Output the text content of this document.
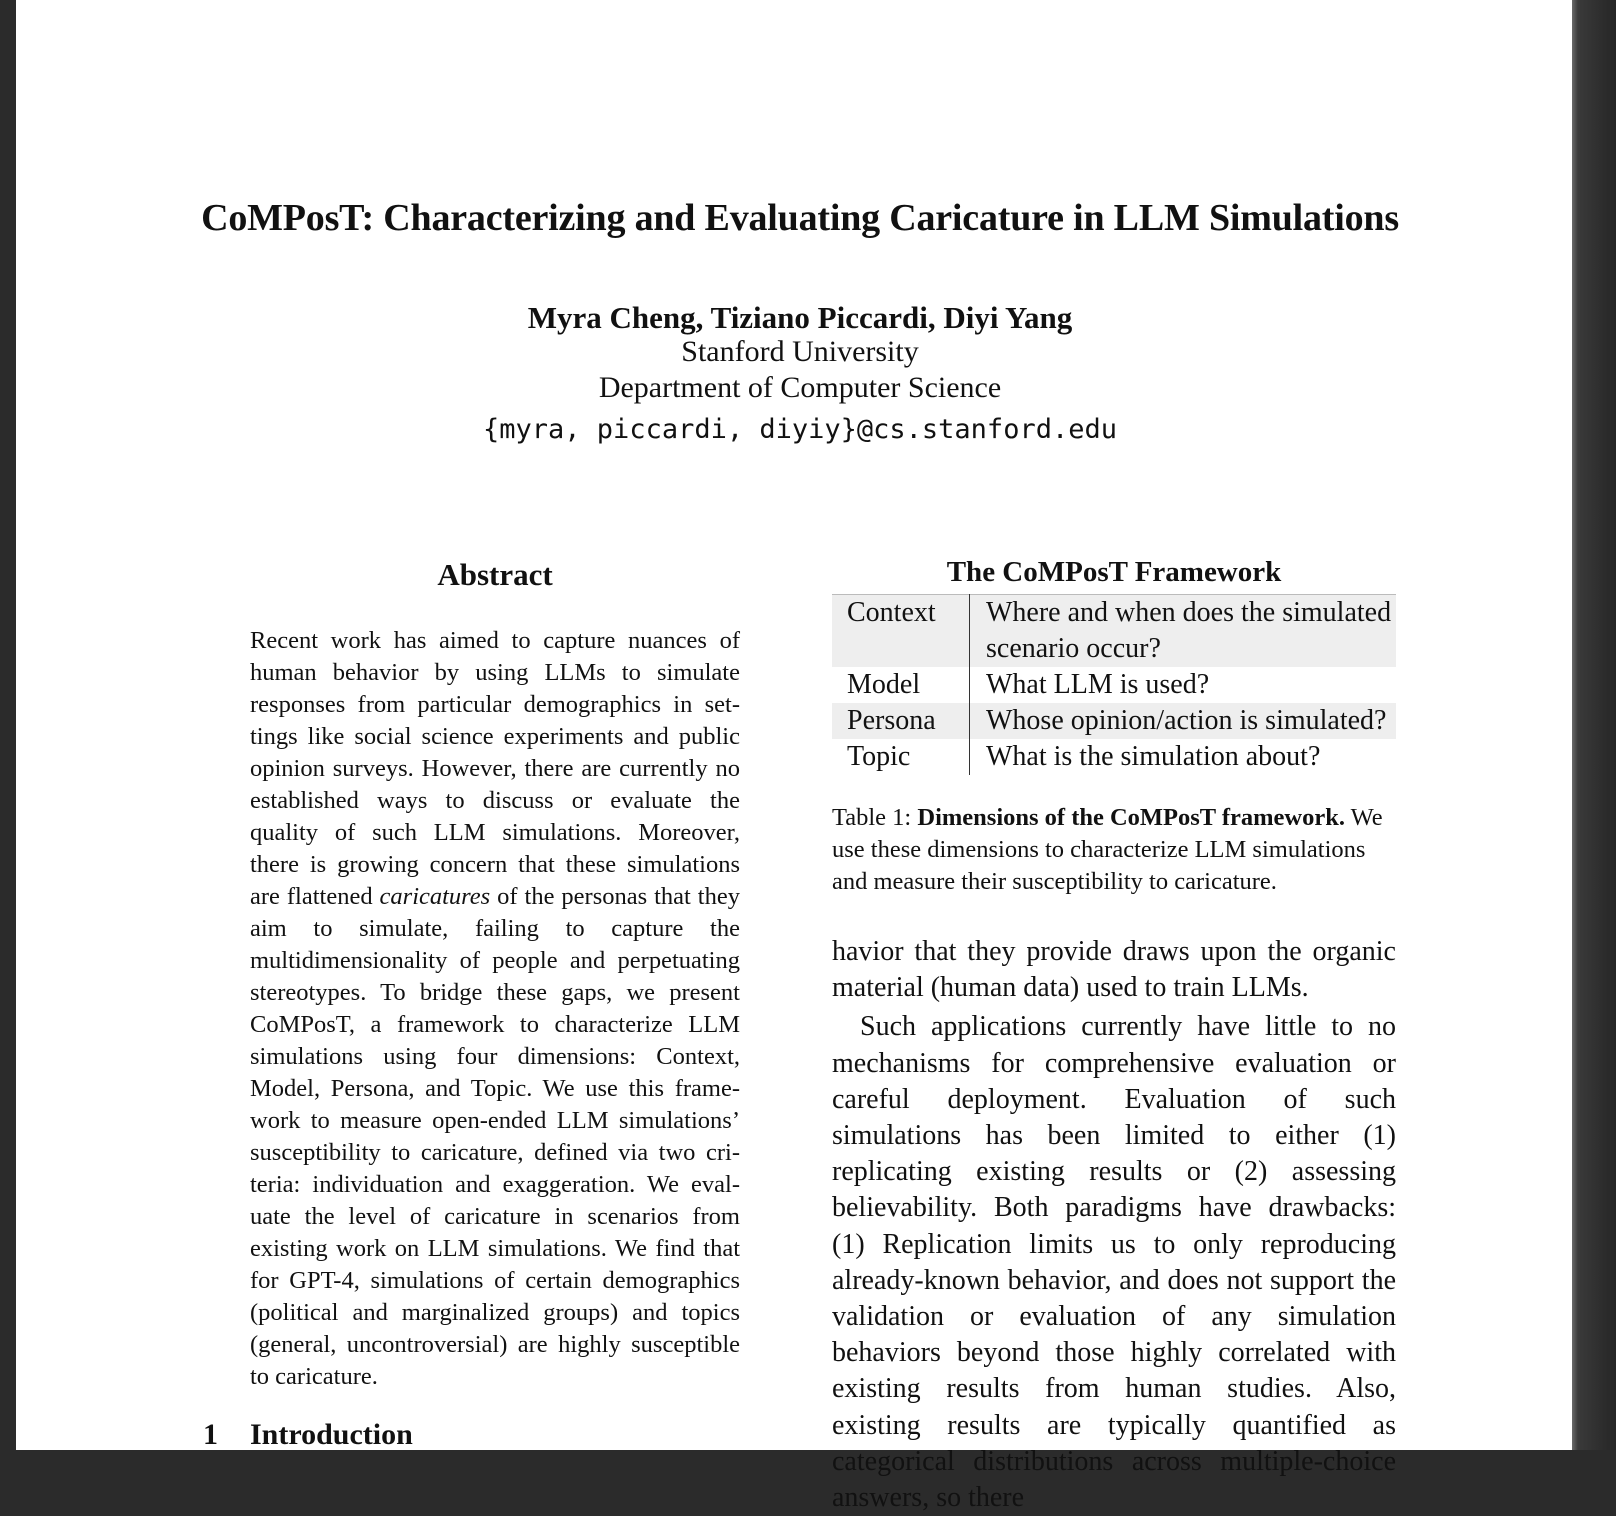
CoMPosT: Characterizing and Evaluating Caricature in LLM Simulations
Myra Cheng, Tiziano Piccardi, Diyi Yang
Stanford University
Department of Computer Science
{myra, piccardi, diyiy}@cs.stanford.edu
Abstract
Recent work has aimed to capture nuances of human behavior by using LLMs to simulate responses from particular demographics in settings like social science experiments and public opinion surveys. However, there are currently no established ways to discuss or evaluate the quality of such LLM simulations. Moreover, there is growing concern that these simulations are flattened caricatures of the personas that they aim to simulate, failing to capture the multidimensionality of people and perpetuating stereotypes. To bridge these gaps, we present CoMPosT, a framework to characterize LLM simulations using four dimensions: Context, Model, Persona, and Topic. We use this framework to measure open-ended LLM simulations’ susceptibility to caricature, defined via two criteria: individuation and exaggeration. We evaluate the level of caricature in scenarios from existing work on LLM simulations. We find that for GPT-4, simulations of certain demographics (political and marginalized groups) and topics (general, uncontroversial) are highly susceptible to caricature.
1 Introduction
The CoMPosT Framework
Context	Where and when does the simulated scenario occur?
Model	What LLM is used?
Persona	Whose opinion/action is simulated?
Topic	What is the simulation about?
Table 1: Dimensions of the CoMPosT framework. We use these dimensions to characterize LLM simulations and measure their susceptibility to caricature.

havior that they provide draws upon the organic material (human data) used to train LLMs.

Such applications currently have little to no mechanisms for comprehensive evaluation or careful deployment. Evaluation of such simulations has been limited to either (1) replicating existing results or (2) assessing believability. Both paradigms have drawbacks: (1) Replication limits us to only reproducing already-known behavior, and does not support the validation or evaluation of any simulation behaviors beyond those highly correlated with existing results from human studies. Also, existing results are typically quantified as categorical distributions across multiple-choice answers, so there
